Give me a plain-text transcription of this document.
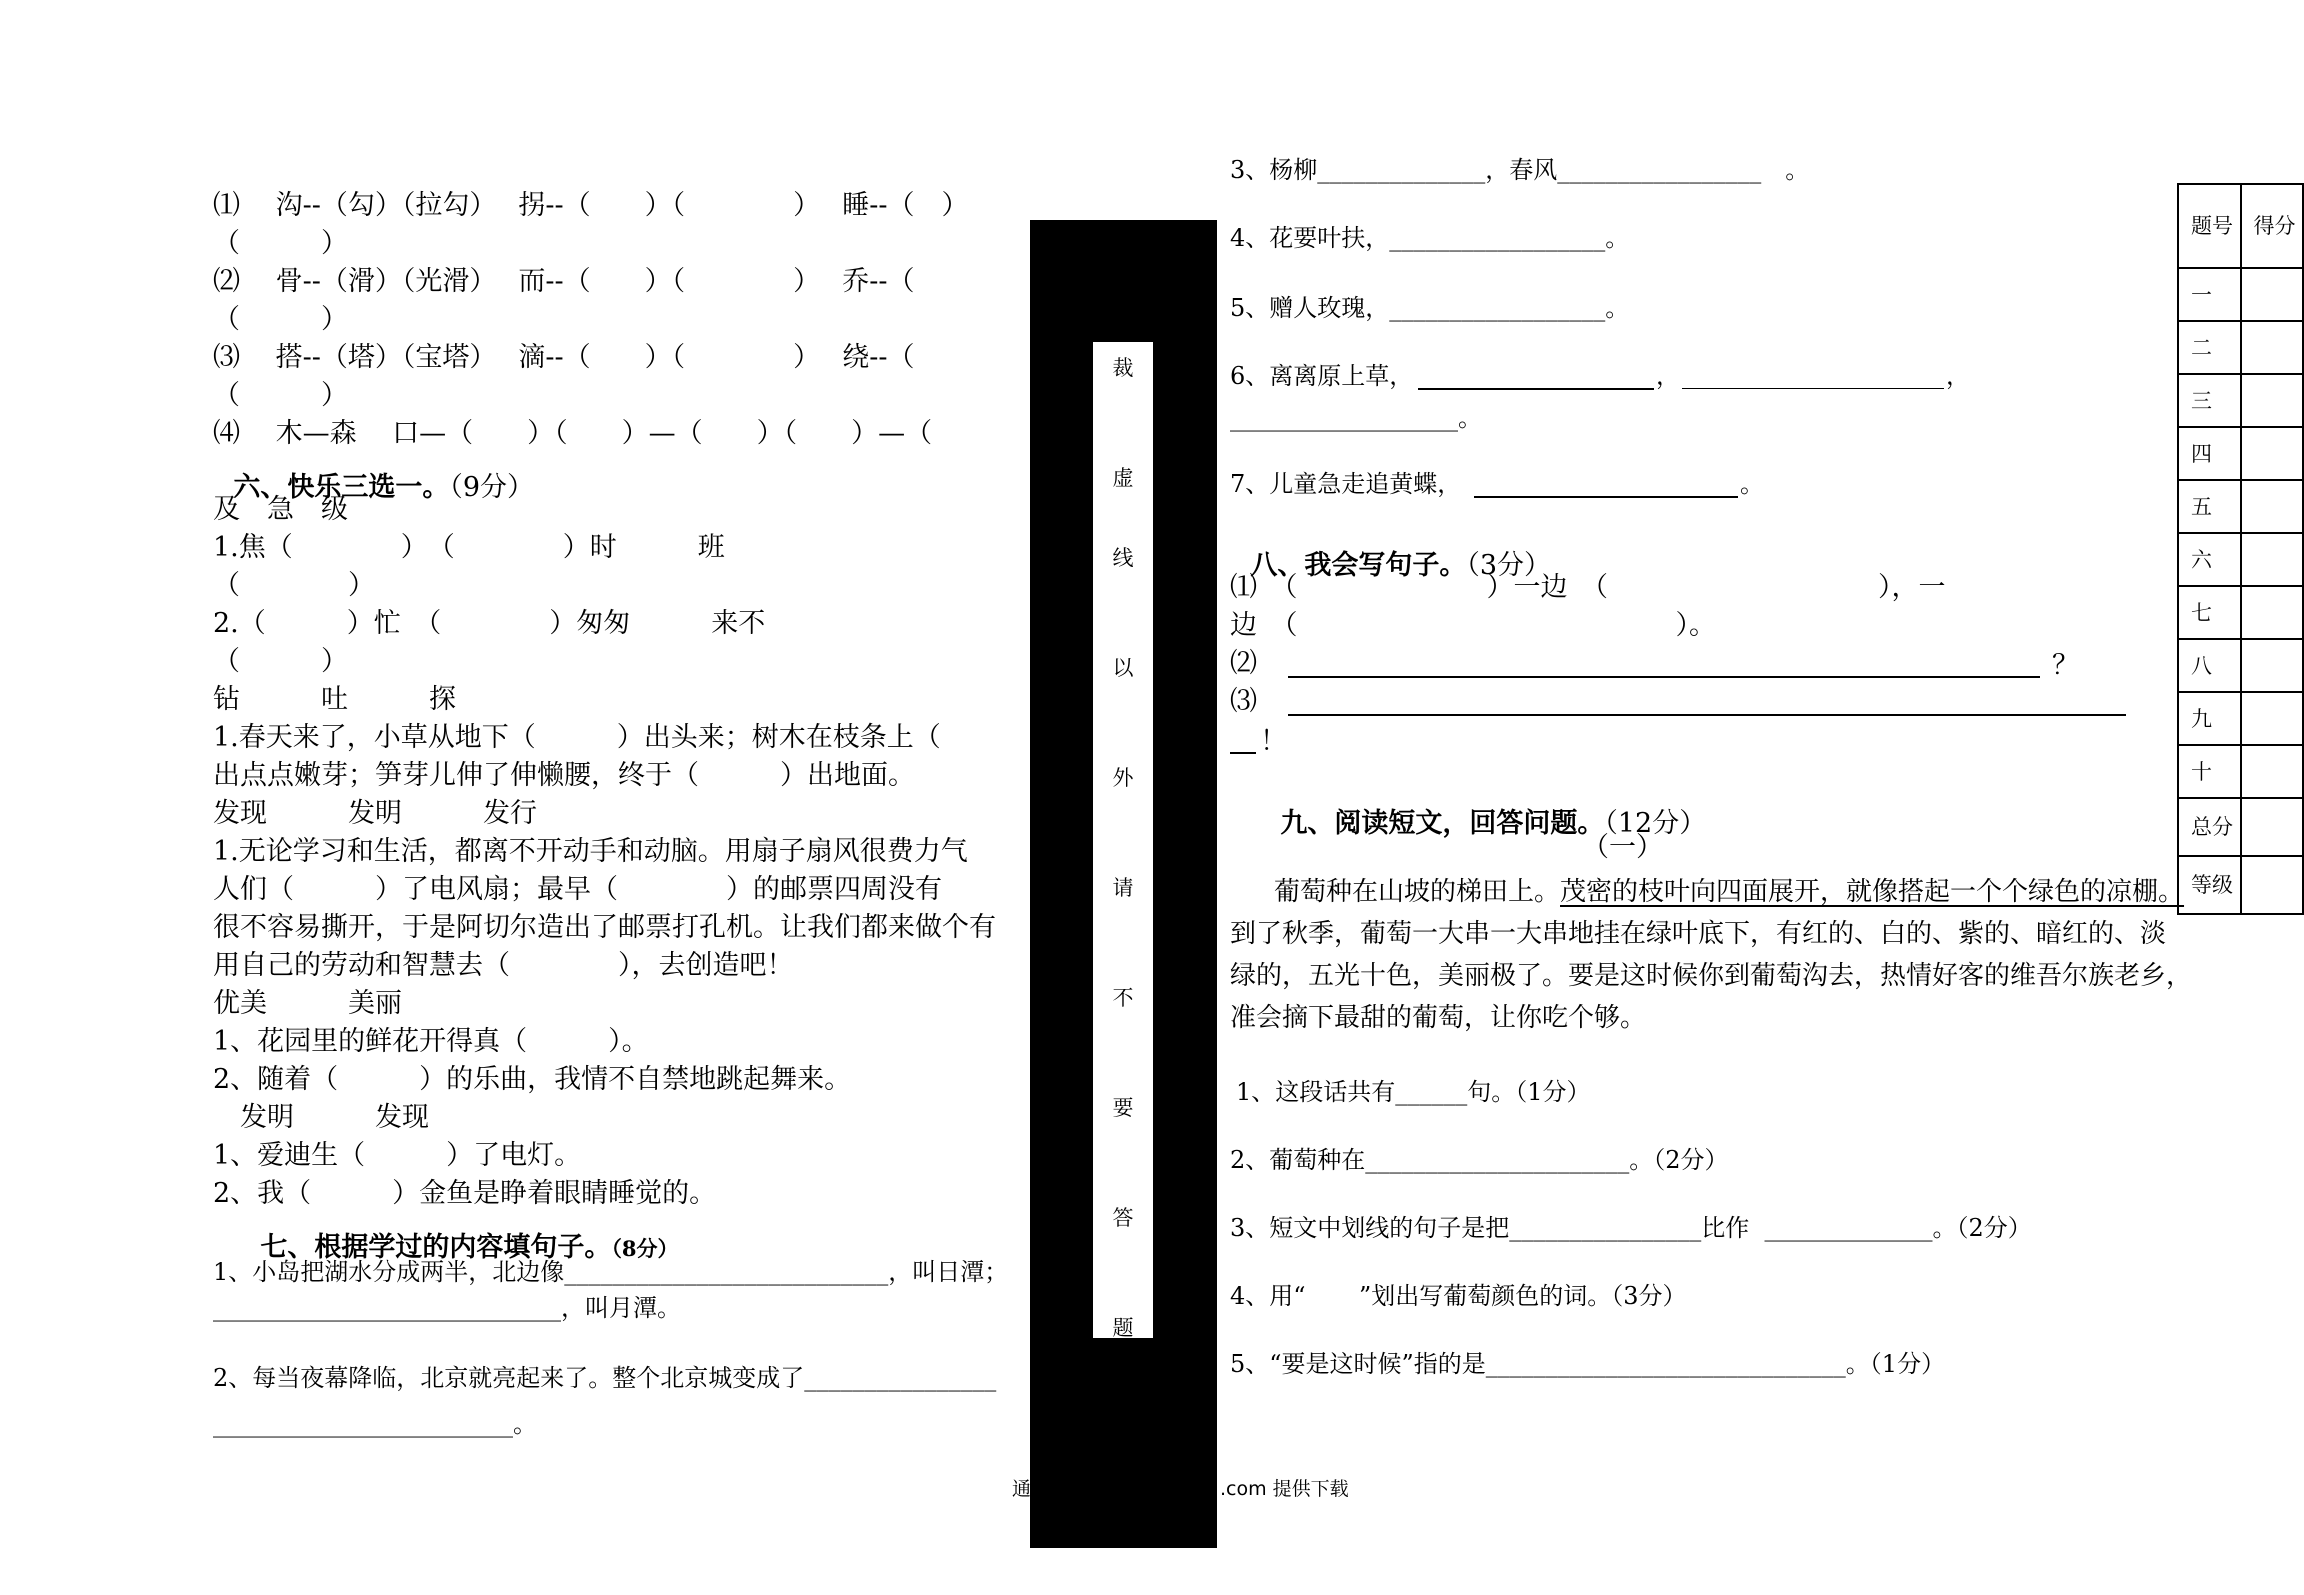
⑴　 沟--（勾）（拉勾）　 拐--（　　）（　　　　）　 睡--（　）
（　　　）
⑵　 骨--（滑）（光滑）　 而--（　　）（　　　　）　 乔--（
（　　　）
⑶　 搭--（塔）（宝塔）　 滴--（　　）（　　　　）　 绕--（
（　　　）
⑷　 木—森　 口—（　　）（　　）—（　　）（　　）—（

六、快乐三选一。（9分）

及　急　级
1.焦（　　　　）　（　　　　）时　　　班
（　　　　）
2.（　　　）忙　（　　　　）匆匆　　　来不
（　　　）
钻　　　吐　　　探
1.春天来了，小草从地下（　　　）出头来；树木在枝条上（
出点点嫩芽；笋芽儿伸了伸懒腰，终于（　　　）出地面。
发现　　　发明　　　发行
1.无论学习和生活，都离不开动手和动脑。用扇子扇风很费力气
人们（　　　）了电风扇；最早（　　　　）的邮票四周没有
很不容易撕开，于是阿切尔造出了邮票打孔机。让我们都来做个有
用自己的劳动和智慧去（　　　　），去创造吧！
优美　　　美丽
1、花园里的鲜花开得真（　　　）。
2、随着（　　　）的乐曲，我情不自禁地跳起舞来。
　发明　　　发现
1、爱迪生（　　　）了电灯。
2、我（　　　）金鱼是睁着眼睛睡觉的。

七、根据学过的内容填句子。（8分）

1、小岛把湖水分成两半，北边像___________________________，叫日潭；
_____________________________，叫月潭。
2、每当夜幕降临，北京就亮起来了。整个北京城变成了________________
_________________________。
裁
虚
线
以
外
请
不
要
答
题
3、杨柳______________，春风_________________　。
4、花要叶扶，__________________。
5、赠人玫瑰，__________________。
6、离离原上草，	，	，
___________________。
7、儿童急走追黄蝶，	。

八、我会写句子。（3分）

⑴　（　　　　　　　）一边　（　　　　　　　　　　），一
边　（　　　　　　　　　　　　　　）。
⑵	？
⑶
！

九、阅读短文，回答问题。（12分）

（一）
葡萄种在山坡的梯田上。茂密的枝叶向四面展开，就像搭起一个个绿色的凉棚。
到了秋季，葡萄一大串一大串地挂在绿叶底下，有红的、白的、紫的、暗红的、淡
绿的，五光十色，美丽极了。要是这时候你到葡萄沟去，热情好客的维吾尔族老乡，
准会摘下最甜的葡萄，让你吃个够。
1、这段话共有______句。（1分）
2、葡萄种在______________________。（2分）
3、短文中划线的句子是把________________比作  ______________。（2分）
4、用“       ”划出写葡萄颜色的词。（3分）
5、“要是这时候”指的是______________________________。（1分）
题号	得分
一	
二	
三	
四	
五	
六	
七	
八	
九	
十	
总分	
等级	
通	.com 提供下载
